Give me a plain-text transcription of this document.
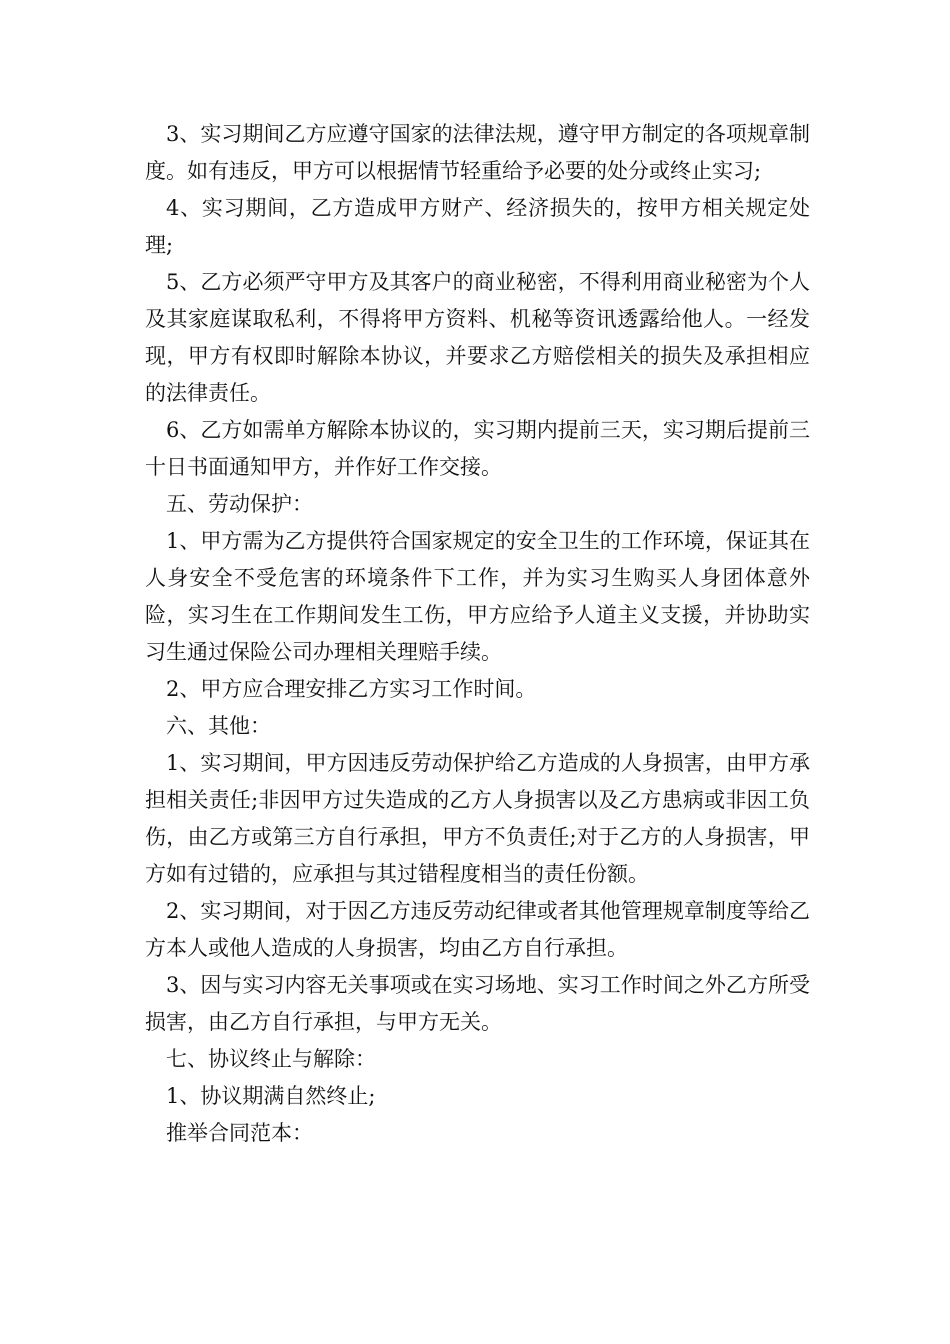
3、实习期间乙方应遵守国家的法律法规，遵守甲方制定的各项规章制度。如有违反，甲方可以根据情节轻重给予必要的处分或终止实习;

4、实习期间，乙方造成甲方财产、经济损失的，按甲方相关规定处理;

5、乙方必须严守甲方及其客户的商业秘密，不得利用商业秘密为个人及其家庭谋取私利，不得将甲方资料、机秘等资讯透露给他人。一经发现，甲方有权即时解除本协议，并要求乙方赔偿相关的损失及承担相应的法律责任。

6、乙方如需单方解除本协议的，实习期内提前三天，实习期后提前三十日书面通知甲方，并作好工作交接。

五、劳动保护：

1、甲方需为乙方提供符合国家规定的安全卫生的工作环境，保证其在人身安全不受危害的环境条件下工作，并为实习生购买人身团体意外险，实习生在工作期间发生工伤，甲方应给予人道主义支援，并协助实习生通过保险公司办理相关理赔手续。

2、甲方应合理安排乙方实习工作时间。

六、其他：

1、实习期间，甲方因违反劳动保护给乙方造成的人身损害，由甲方承担相关责任;非因甲方过失造成的乙方人身损害以及乙方患病或非因工负伤，由乙方或第三方自行承担，甲方不负责任;对于乙方的人身损害，甲方如有过错的，应承担与其过错程度相当的责任份额。

2、实习期间，对于因乙方违反劳动纪律或者其他管理规章制度等给乙方本人或他人造成的人身损害，均由乙方自行承担。

3、因与实习内容无关事项或在实习场地、实习工作时间之外乙方所受损害，由乙方自行承担，与甲方无关。

七、协议终止与解除：

1、协议期满自然终止;

推举合同范本：
